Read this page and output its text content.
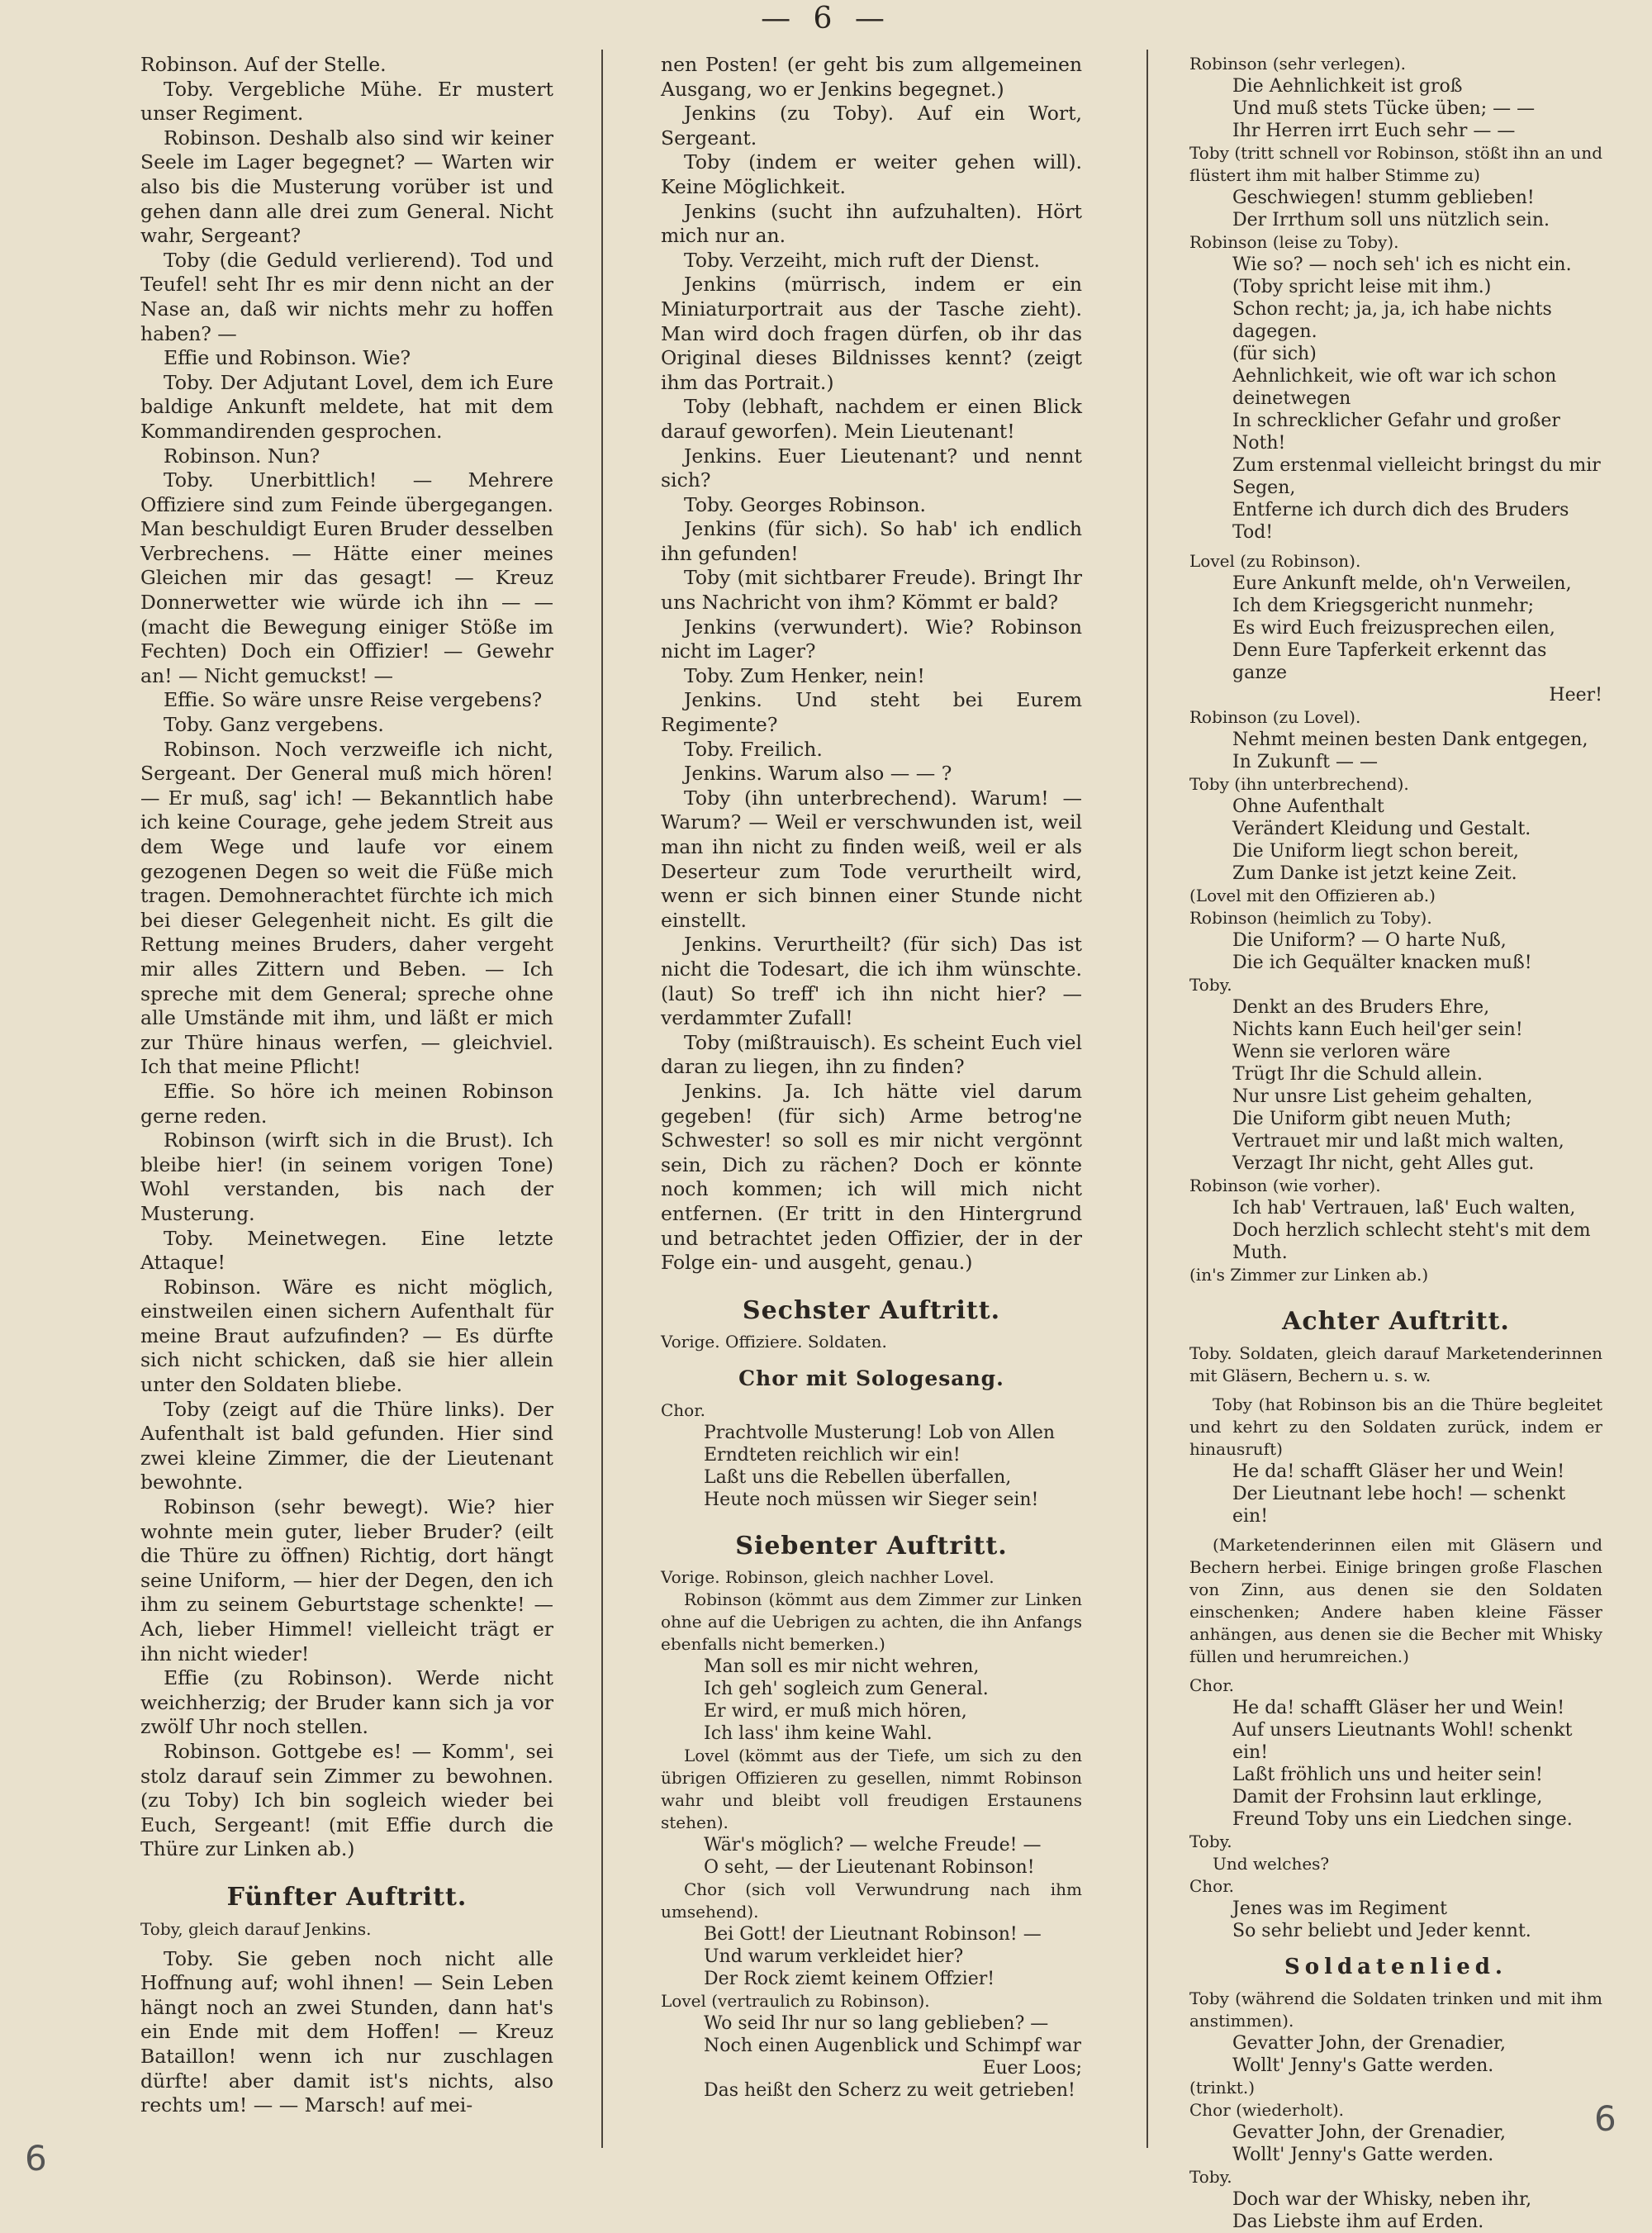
— 6 —

Robinson. Auf der Stelle.

Toby. Vergebliche Mühe. Er mustert unser Regiment.

Robinson. Deshalb also sind wir keiner Seele im Lager begegnet? — Warten wir also bis die Musterung vorüber ist und gehen dann alle drei zum General. Nicht wahr, Sergeant?

Toby (die Geduld verlierend). Tod und Teufel! seht Ihr es mir denn nicht an der Nase an, daß wir nichts mehr zu hoffen haben? —

Effie und Robinson. Wie?

Toby. Der Adjutant Lovel, dem ich Eure baldige Ankunft meldete, hat mit dem Kommandirenden gesprochen.

Robinson. Nun?

Toby. Unerbittlich! — Mehrere Offiziere sind zum Feinde übergegangen. Man beschuldigt Euren Bruder desselben Verbrechens. — Hätte einer meines Gleichen mir das gesagt! — Kreuz Donnerwetter wie würde ich ihn — — (macht die Bewegung einiger Stöße im Fechten) Doch ein Offizier! — Gewehr an! — Nicht gemuckst! —

Effie. So wäre unsre Reise vergebens?

Toby. Ganz vergebens.

Robinson. Noch verzweifle ich nicht, Sergeant. Der General muß mich hören! — Er muß, sag' ich! — Bekanntlich habe ich keine Courage, gehe jedem Streit aus dem Wege und laufe vor einem gezogenen Degen so weit die Füße mich tragen. Demohnerachtet fürchte ich mich bei dieser Gelegenheit nicht. Es gilt die Rettung meines Bruders, daher vergeht mir alles Zittern und Beben. — Ich spreche mit dem General; spreche ohne alle Umstände mit ihm, und läßt er mich zur Thüre hinaus werfen, — gleichviel. Ich that meine Pflicht!

Effie. So höre ich meinen Robinson gerne reden.

Robinson (wirft sich in die Brust). Ich bleibe hier! (in seinem vorigen Tone) Wohl verstanden, bis nach der Musterung.

Toby. Meinetwegen. Eine letzte Attaque!

Robinson. Wäre es nicht möglich, einstweilen einen sichern Aufenthalt für meine Braut aufzufinden? — Es dürfte sich nicht schicken, daß sie hier allein unter den Soldaten bliebe.

Toby (zeigt auf die Thüre links). Der Aufenthalt ist bald gefunden. Hier sind zwei kleine Zimmer, die der Lieutenant bewohnte.

Robinson (sehr bewegt). Wie? hier wohnte mein guter, lieber Bruder? (eilt die Thüre zu öffnen) Richtig, dort hängt seine Uniform, — hier der Degen, den ich ihm zu seinem Geburtstage schenkte! — Ach, lieber Himmel! vielleicht trägt er ihn nicht wieder!

Effie (zu Robinson). Werde nicht weichherzig; der Bruder kann sich ja vor zwölf Uhr noch stellen.

Robinson. Gottgebe es! — Komm', sei stolz darauf sein Zimmer zu bewohnen. (zu Toby) Ich bin sogleich wieder bei Euch, Sergeant! (mit Effie durch die Thüre zur Linken ab.)

Fünfter Auftritt.

Toby, gleich darauf Jenkins.

Toby. Sie geben noch nicht alle Hoffnung auf; wohl ihnen! — Sein Leben hängt noch an zwei Stunden, dann hat's ein Ende mit dem Hoffen! — Kreuz Bataillon! wenn ich nur zuschlagen dürfte! aber damit ist's nichts, also rechts um! — — Marsch! auf mei-

nen Posten! (er geht bis zum allgemeinen Ausgang, wo er Jenkins begegnet.)

Jenkins (zu Toby). Auf ein Wort, Sergeant.

Toby (indem er weiter gehen will). Keine Möglichkeit.

Jenkins (sucht ihn aufzuhalten). Hört mich nur an.

Toby. Verzeiht, mich ruft der Dienst.

Jenkins (mürrisch, indem er ein Miniaturportrait aus der Tasche zieht). Man wird doch fragen dürfen, ob ihr das Original dieses Bildnisses kennt? (zeigt ihm das Portrait.)

Toby (lebhaft, nachdem er einen Blick darauf geworfen). Mein Lieutenant!

Jenkins. Euer Lieutenant? und nennt sich?

Toby. Georges Robinson.

Jenkins (für sich). So hab' ich endlich ihn gefunden!

Toby (mit sichtbarer Freude). Bringt Ihr uns Nachricht von ihm? Kömmt er bald?

Jenkins (verwundert). Wie? Robinson nicht im Lager?

Toby. Zum Henker, nein!

Jenkins. Und steht bei Eurem Regimente?

Toby. Freilich.

Jenkins. Warum also — — ?

Toby (ihn unterbrechend). Warum! — Warum? — Weil er verschwunden ist, weil man ihn nicht zu finden weiß, weil er als Deserteur zum Tode verurtheilt wird, wenn er sich binnen einer Stunde nicht einstellt.

Jenkins. Verurtheilt? (für sich) Das ist nicht die Todesart, die ich ihm wünschte. (laut) So treff' ich ihn nicht hier? — verdammter Zufall!

Toby (mißtrauisch). Es scheint Euch viel daran zu liegen, ihn zu finden?

Jenkins. Ja. Ich hätte viel darum gegeben! (für sich) Arme betrog'ne Schwester! so soll es mir nicht vergönnt sein, Dich zu rächen? Doch er könnte noch kommen; ich will mich nicht entfernen. (Er tritt in den Hintergrund und betrachtet jeden Offizier, der in der Folge ein- und ausgeht, genau.)

Sechster Auftritt.

Vorige. Offiziere. Soldaten.

Chor mit Sologesang.

Chor.

Prachtvolle Musterung! Lob von Allen

Erndteten reichlich wir ein!

Laßt uns die Rebellen überfallen,

Heute noch müssen wir Sieger sein!

Siebenter Auftritt.

Vorige. Robinson, gleich nachher Lovel.

Robinson (kömmt aus dem Zimmer zur Linken ohne auf die Uebrigen zu achten, die ihn Anfangs ebenfalls nicht bemerken.)

Man soll es mir nicht wehren,

Ich geh' sogleich zum General.

Er wird, er muß mich hören,

Ich lass' ihm keine Wahl.

Lovel (kömmt aus der Tiefe, um sich zu den übrigen Offizieren zu gesellen, nimmt Robinson wahr und bleibt voll freudigen Erstaunens stehen).

Wär's möglich? — welche Freude! —

O seht, — der Lieutenant Robinson!

Chor (sich voll Verwundrung nach ihm umsehend).

Bei Gott! der Lieutnant Robinson! —

Und warum verkleidet hier?

Der Rock ziemt keinem Offzier!

Lovel (vertraulich zu Robinson).

Wo seid Ihr nur so lang geblieben? —

Noch einen Augenblick und Schimpf war

Euer Loos;

Das heißt den Scherz zu weit getrieben!

Robinson (sehr verlegen).

Die Aehnlichkeit ist groß

Und muß stets Tücke üben; — —

Ihr Herren irrt Euch sehr — —

Toby (tritt schnell vor Robinson, stößt ihn an und flüstert ihm mit halber Stimme zu)

Geschwiegen! stumm geblieben!

Der Irrthum soll uns nützlich sein.

Robinson (leise zu Toby).

Wie so? — noch seh' ich es nicht ein.

(Toby spricht leise mit ihm.)

Schon recht; ja, ja, ich habe nichts dagegen.

(für sich)

Aehnlichkeit, wie oft war ich schon deinetwegen

In schrecklicher Gefahr und großer Noth!

Zum erstenmal vielleicht bringst du mir Segen,

Entferne ich durch dich des Bruders Tod!

Lovel (zu Robinson).

Eure Ankunft melde, oh'n Verweilen,

Ich dem Kriegsgericht nunmehr;

Es wird Euch freizusprechen eilen,

Denn Eure Tapferkeit erkennt das ganze

Heer!

Robinson (zu Lovel).

Nehmt meinen besten Dank entgegen,

In Zukunft — —

Toby (ihn unterbrechend).

Ohne Aufenthalt

Verändert Kleidung und Gestalt.

Die Uniform liegt schon bereit,

Zum Danke ist jetzt keine Zeit.

(Lovel mit den Offizieren ab.)

Robinson (heimlich zu Toby).

Die Uniform? — O harte Nuß,

Die ich Gequälter knacken muß!

Toby.

Denkt an des Bruders Ehre,

Nichts kann Euch heil'ger sein!

Wenn sie verloren wäre

Trügt Ihr die Schuld allein.

Nur unsre List geheim gehalten,

Die Uniform gibt neuen Muth;

Vertrauet mir und laßt mich walten,

Verzagt Ihr nicht, geht Alles gut.

Robinson (wie vorher).

Ich hab' Vertrauen, laß' Euch walten,

Doch herzlich schlecht steht's mit dem Muth.

(in's Zimmer zur Linken ab.)

Achter Auftritt.

Toby. Soldaten, gleich darauf Marketenderinnen mit Gläsern, Bechern u. s. w.

Toby (hat Robinson bis an die Thüre begleitet und kehrt zu den Soldaten zurück, indem er hinausruft)

He da! schafft Gläser her und Wein!

Der Lieutnant lebe hoch! — schenkt ein!

(Marketenderinnen eilen mit Gläsern und Bechern herbei. Einige bringen große Flaschen von Zinn, aus denen sie den Soldaten einschenken; Andere haben kleine Fässer anhängen, aus denen sie die Becher mit Whisky füllen und herumreichen.)

Chor.

He da! schafft Gläser her und Wein!

Auf unsers Lieutnants Wohl! schenkt ein!

Laßt fröhlich uns und heiter sein!

Damit der Frohsinn laut erklinge,

Freund Toby uns ein Liedchen singe.

Toby.

Und welches?

Chor.

Jenes was im Regiment

So sehr beliebt und Jeder kennt.

Soldatenlied.

Toby (während die Soldaten trinken und mit ihm anstimmen).

Gevatter John, der Grenadier,

Wollt' Jenny's Gatte werden.

(trinkt.)

Chor (wiederholt).

Gevatter John, der Grenadier,

Wollt' Jenny's Gatte werden.

Toby.

Doch war der Whisky, neben ihr,

Das Liebste ihm auf Erden.

6
6
